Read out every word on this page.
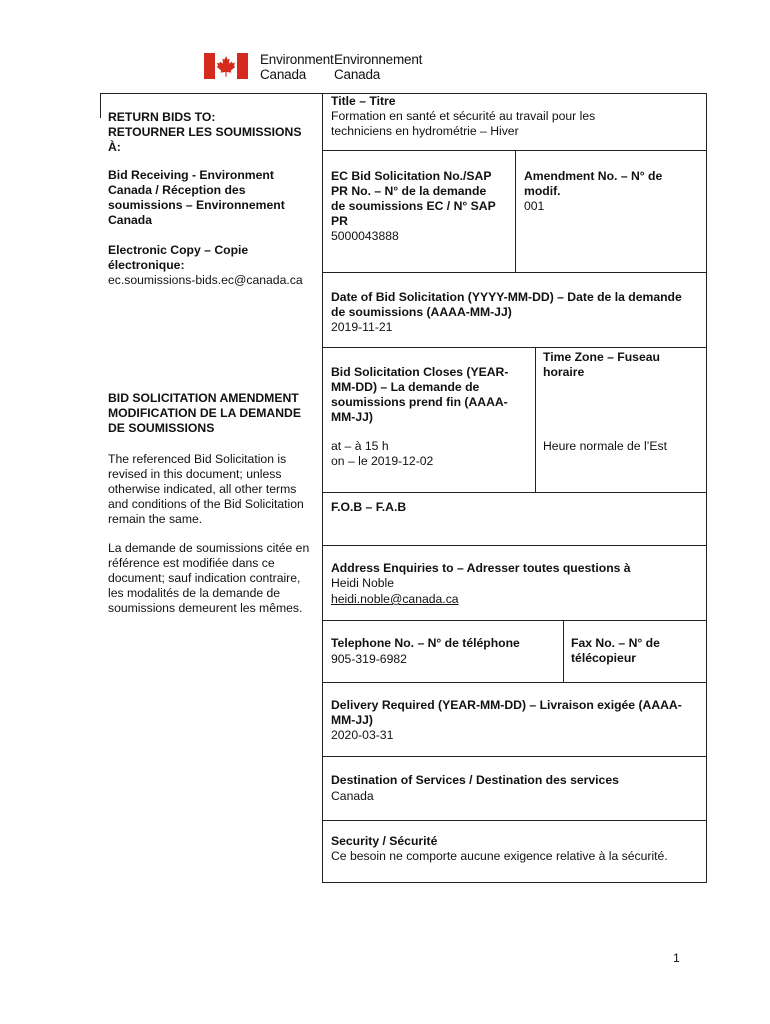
Environment
Canada
Environnement
Canada
RETURN BIDS TO:
RETOURNER LES SOUMISSIONS
À:
Bid Receiving - Environment
Canada / Réception des
soumissions – Environnement
Canada
Electronic Copy – Copie
électronique:
ec.soumissions-bids.ec@canada.ca
BID SOLICITATION AMENDMENT
MODIFICATION DE LA DEMANDE
DE SOUMISSIONS
The referenced Bid Solicitation is
revised in this document; unless
otherwise indicated, all other terms
and conditions of the Bid Solicitation
remain the same.
La demande de soumissions citée en
référence est modifiée dans ce
document; sauf indication contraire,
les modalités de la demande de
soumissions demeurent les mêmes.
Title – Titre
Formation en santé et sécurité au travail pour les
techniciens en hydrométrie – Hiver
EC Bid Solicitation No./SAP
PR No. – N° de la demande
de soumissions EC / N° SAP
PR
5000043888
Amendment No. – N° de
modif.
001
Date of Bid Solicitation (YYYY-MM-DD) – Date de la demande
de soumissions (AAAA-MM-JJ)
2019-11-21
Bid Solicitation Closes (YEAR-
MM-DD) – La demande de
soumissions prend fin (AAAA-
MM-JJ)
at – à 15 h
on – le 2019-12-02
Time Zone – Fuseau
horaire
Heure normale de l’Est
F.O.B – F.A.B
Address Enquiries to – Adresser toutes questions à
Heidi Noble
heidi.noble@canada.ca
Telephone No. – N° de téléphone
905-319-6982
Fax No. – N° de
télécopieur
Delivery Required (YEAR-MM-DD) – Livraison exigée (AAAA-
MM-JJ)
2020-03-31
Destination of Services / Destination des services
Canada
Security / Sécurité
Ce besoin ne comporte aucune exigence relative à la sécurité.
1
